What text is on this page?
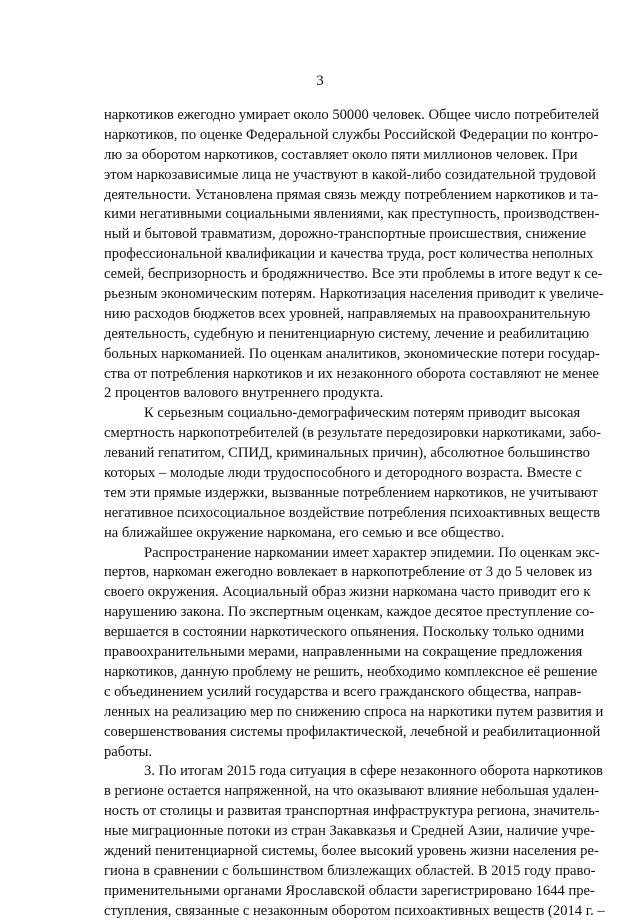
3
наркотиков ежегодно умирает около 50000 человек. Общее число потребителей
наркотиков, по оценке Федеральной службы Российской Федерации по контро-
лю за оборотом наркотиков, составляет около пяти миллионов человек. При
этом наркозависимые лица не участвуют в какой-либо созидательной трудовой
деятельности. Установлена прямая связь между потреблением наркотиков и та-
кими негативными социальными явлениями, как преступность, производствен-
ный и бытовой травматизм, дорожно-транспортные происшествия, снижение
профессиональной квалификации и качества труда, рост количества неполных
семей, беспризорность и бродяжничество. Все эти проблемы в итоге ведут к се-
рьезным экономическим потерям. Наркотизация населения приводит к увеличе-
нию расходов бюджетов всех уровней, направляемых на правоохранительную
деятельность, судебную и пенитенциарную систему, лечение и реабилитацию
больных наркоманией. По оценкам аналитиков, экономические потери государ-
ства от потребления наркотиков и их незаконного оборота составляют не менее
2 процентов валового внутреннего продукта.
К серьезным социально-демографическим потерям приводит высокая
смертность наркопотребителей (в результате передозировки наркотиками, забо-
леваний гепатитом, СПИД, криминальных причин), абсолютное большинство
которых – молодые люди трудоспособного и детородного возраста. Вместе с
тем эти прямые издержки, вызванные потреблением наркотиков, не учитывают
негативное психосоциальное воздействие потребления психоактивных веществ
на ближайшее окружение наркомана, его семью и все общество.
Распространение наркомании имеет характер эпидемии. По оценкам экс-
пертов, наркоман ежегодно вовлекает в наркопотребление от 3 до 5 человек из
своего окружения. Асоциальный образ жизни наркомана часто приводит его к
нарушению закона. По экспертным оценкам, каждое десятое преступление со-
вершается в состоянии наркотического опьянения. Поскольку только одними
правоохранительными мерами, направленными на сокращение предложения
наркотиков, данную проблему не решить, необходимо комплексное её решение
с объединением усилий государства и всего гражданского общества, направ-
ленных на реализацию мер по снижению спроса на наркотики путем развития и
совершенствования системы профилактической, лечебной и реабилитационной
работы.
3. По итогам 2015 года ситуация в сфере незаконного оборота наркотиков
в регионе остается напряженной, на что оказывают влияние небольшая удален-
ность от столицы и развитая транспортная инфраструктура региона, значитель-
ные миграционные потоки из стран Закавказья и Средней Азии, наличие учре-
ждений пенитенциарной системы, более высокий уровень жизни населения ре-
гиона в сравнении с большинством близлежащих областей. В 2015 году право-
применительными органами Ярославской области зарегистрировано 1644 пре-
ступления, связанные с незаконным оборотом психоактивных веществ (2014 г. –
